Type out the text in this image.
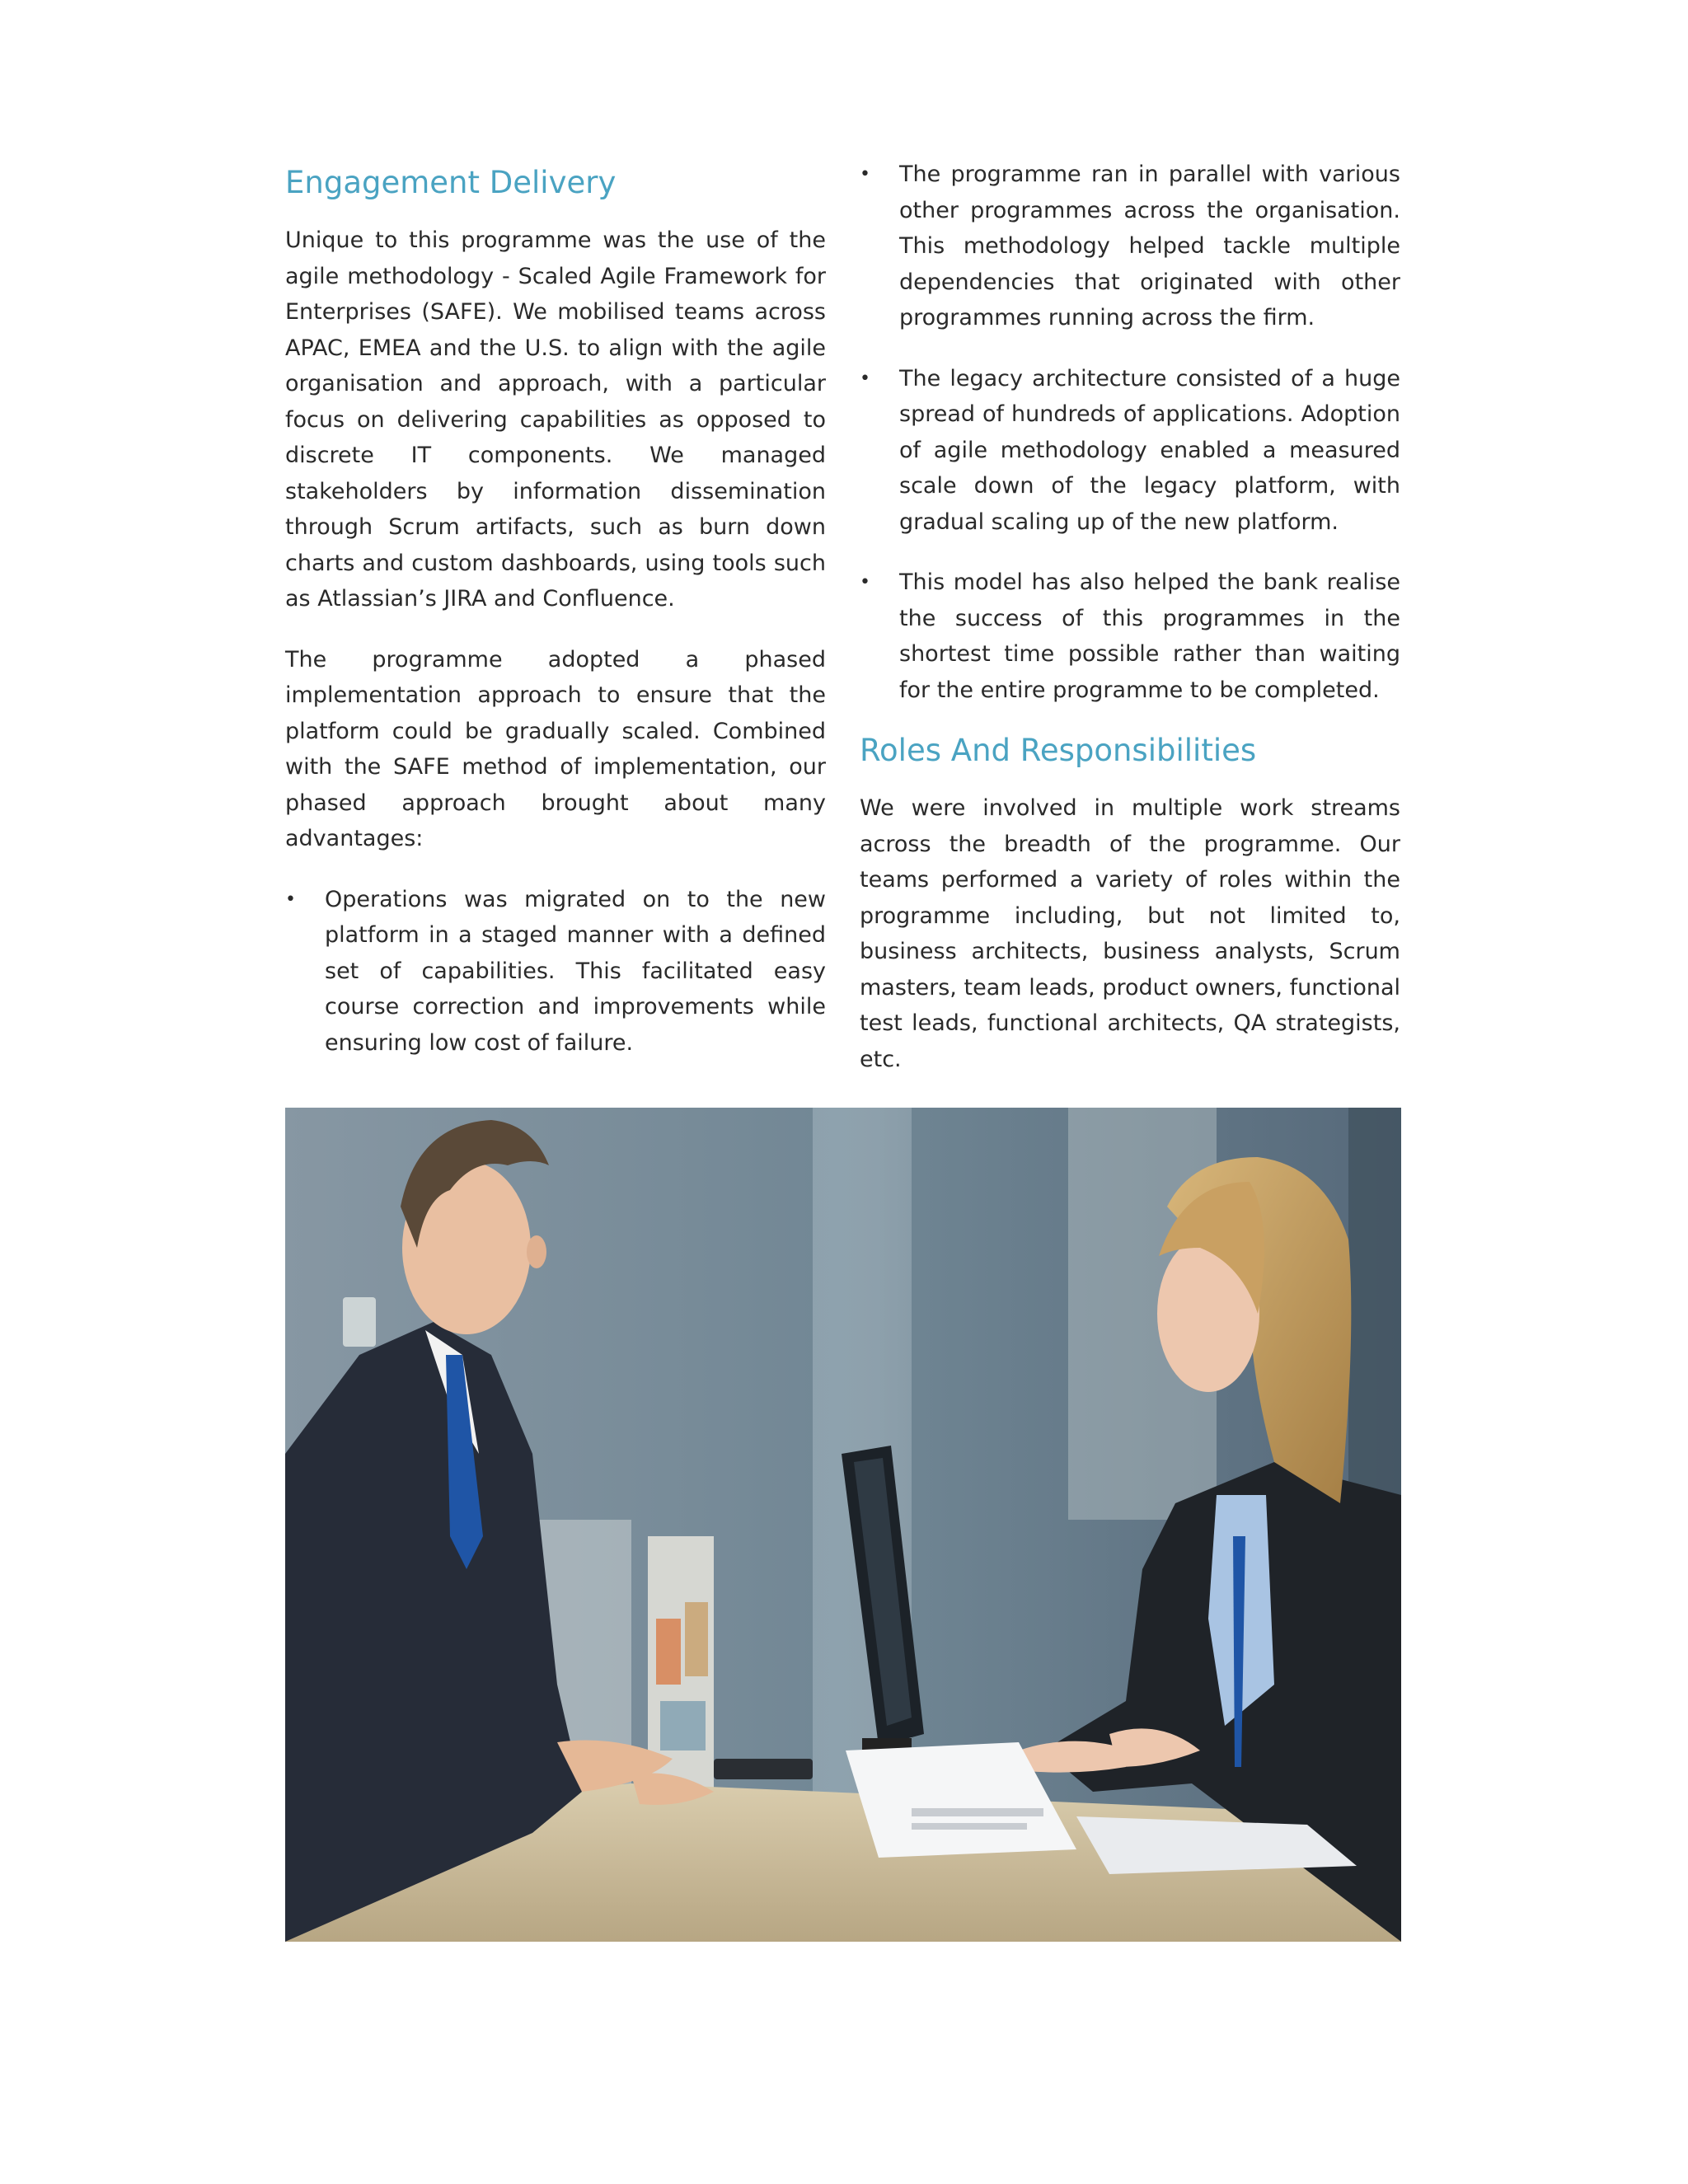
Engagement Delivery

Unique to this programme was the use of the agile methodology - Scaled Agile Framework for Enterprises (SAFE). We mobilised teams across APAC, EMEA and the U.S. to align with the agile organisation and approach, with a particular focus on delivering capabilities as opposed to discrete IT components. We managed stakeholders by information dissemination through Scrum artifacts, such as burn down charts and custom dashboards, using tools such as Atlassian’s JIRA and Confluence.

The programme adopted a phased implementation approach to ensure that the platform could be gradually scaled. Combined with the SAFE method of implementation, our phased approach brought about many advantages:

• Operations was migrated on to the new platform in a staged manner with a defined set of capabilities. This facilitated easy course correction and improvements while ensuring low cost of failure.
• The programme ran in parallel with various other programmes across the organisation. This methodology helped tackle multiple dependencies that originated with other programmes running across the firm.
• The legacy architecture consisted of a huge spread of hundreds of applications. Adoption of agile methodology enabled a measured scale down of the legacy platform, with gradual scaling up of the new platform.
• This model has also helped the bank realise the success of this programmes in the shortest time possible rather than waiting for the entire programme to be completed.
Roles And Responsibilities

We were involved in multiple work streams across the breadth of the programme. Our teams performed a variety of roles within the programme including, but not limited to, business architects, business analysts, Scrum masters, team leads, product owners, functional test leads, functional architects, QA strategists, etc.
